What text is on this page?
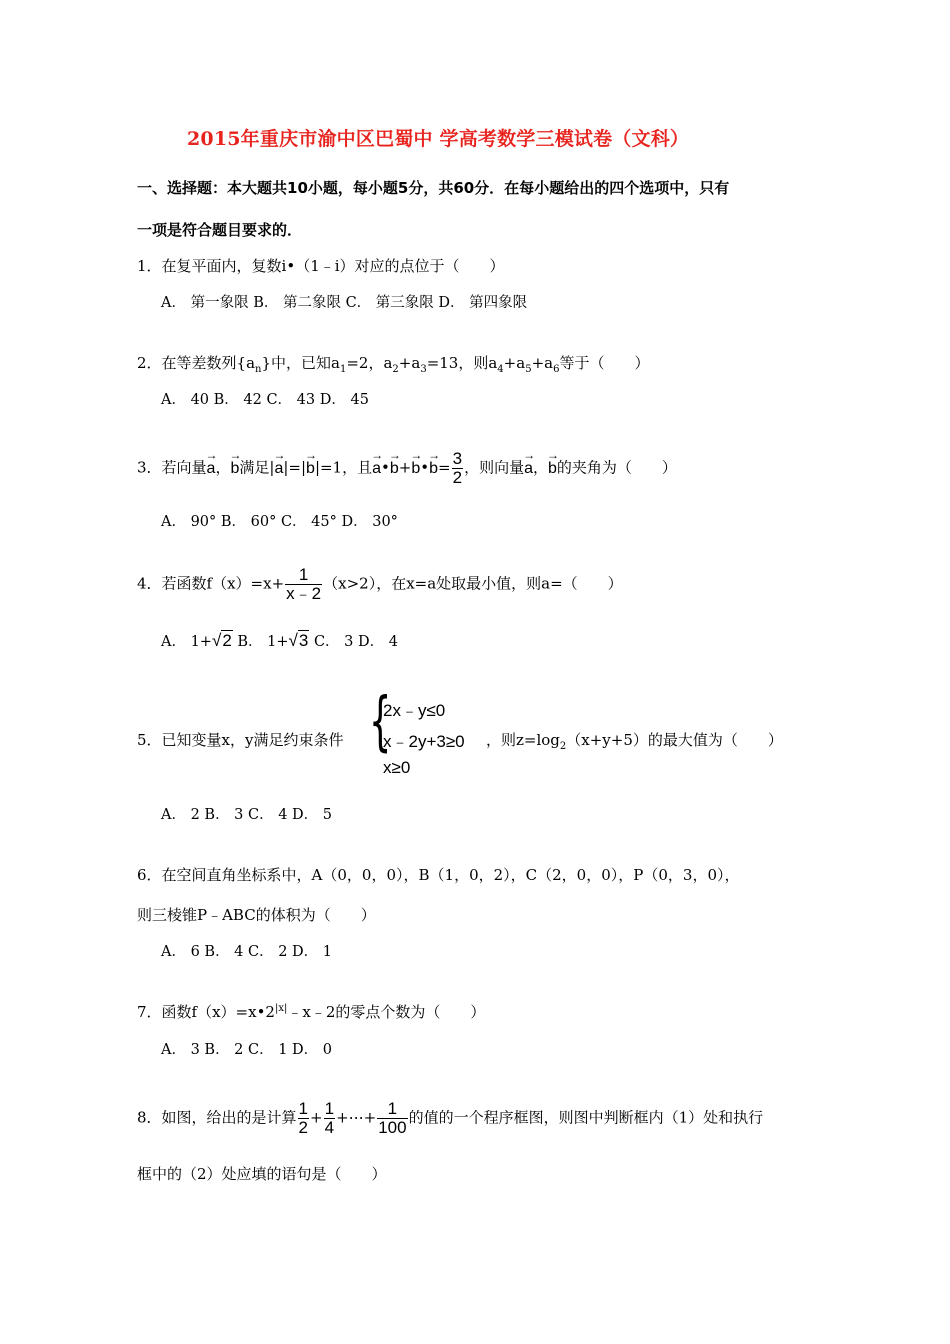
2015年重庆市渝中区巴蜀中 学高考数学三模试卷（文科）
一、选择题：本大题共10小题，每小题5分，共60分．在每小题给出的四个选项中，只有
一项是符合题目要求的．
1．在复平面内，复数i•（1﹣i）对应的点位于（　　）
A． 第一象限 B． 第二象限 C． 第三象限 D． 第四象限
2．在等差数列$\{a_n\}$中，已知$a_1=2$，$a_2+a_3=13$，则$a_4+a_5+a_6$等于（　　）
A． 40 B． 42 C． 43 D． 45
3．若向量→ a，→ b满足|→ a|=|→ b|=1，且→ a•→ b+→ b•→ $b= \frac{3}{2}$ ，则向量→ a，→ b的夹角为（　　）
A． 90° B． 60° C． 45° D． 30°
4．若函数$f(x)=x+ \frac{1}{x﹣2} (x>2)$，在x=a处取最小值，则a=（　　）
A． 1+√2 B． 1+√3 C． 3 D． 4
5．已知变量x，y满足约束条件 {
2x﹣y≤0
x﹣2y+3≥0
x≥0
，则$z=\log_2(x+y+5)$的最大值为（　　）
A． 2 B． 3 C． 4 D． 5
6．在空间直角坐标系中，A（0，0，0），B（1，0，2），C（2，0，0），P（0，3，0），
则三棱锥P﹣ABC的体积为（　　）
A． 6 B． 4 C． 2 D． 1
7．函数$f(x)=x•2^{|x|}﹣x﹣2$的零点个数为（　　）
A． 3 B． 2 C． 1 D． 0
8．如图，给出的是计算 $\frac{1}{2} + \frac{1}{4}$ +⋯+ $\frac{1}{100}$ 的值的一个程序框图，则图中判断框内（1）处和执行
框中的（2）处应填的语句是（　　）
